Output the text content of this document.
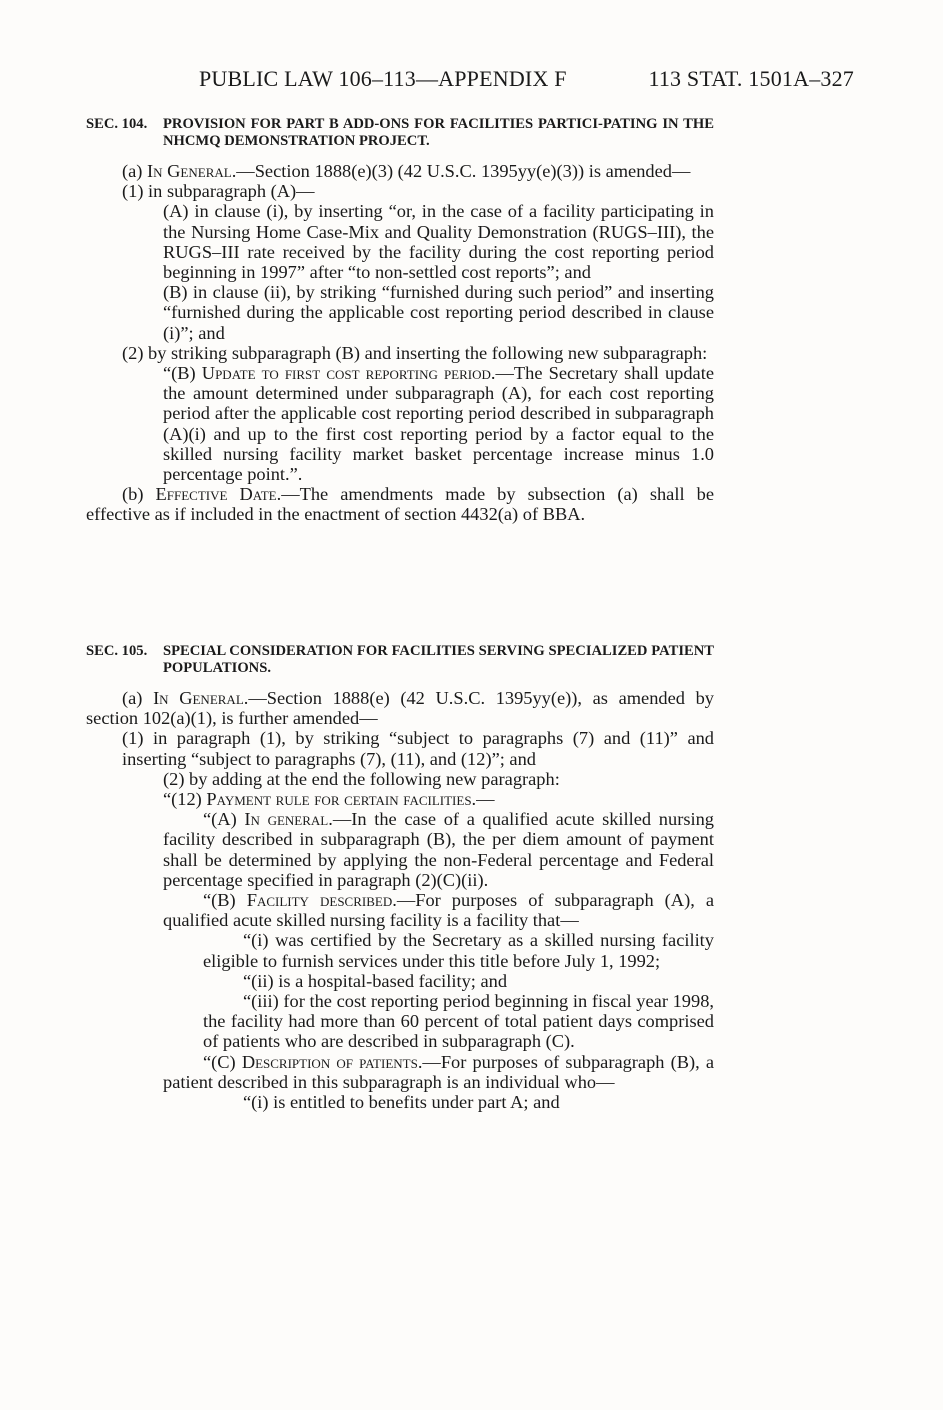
PUBLIC LAW 106–113—APPENDIX F	113 STAT. 1501A–327
SEC. 104. PROVISION FOR PART B ADD-ONS FOR FACILITIES PARTICI-PATING IN THE NHCMQ DEMONSTRATION PROJECT.

(a) In General.—Section 1888(e)(3) (42 U.S.C. 1395yy(e)(3)) is amended—

(1) in subparagraph (A)—

(A) in clause (i), by inserting “or, in the case of a facility participating in the Nursing Home Case-Mix and Quality Demonstration (RUGS–III), the RUGS–III rate received by the facility during the cost reporting period beginning in 1997” after “to non-settled cost reports”; and

(B) in clause (ii), by striking “furnished during such period” and inserting “furnished during the applicable cost reporting period described in clause (i)”; and

(2) by striking subparagraph (B) and inserting the following new subparagraph:

“(B) Update to first cost reporting period.—The Secretary shall update the amount determined under subparagraph (A), for each cost reporting period after the applicable cost reporting period described in subparagraph (A)(i) and up to the first cost reporting period by a factor equal to the skilled nursing facility market basket percentage increase minus 1.0 percentage point.”.

(b) Effective Date.—The amendments made by subsection (a) shall be effective as if included in the enactment of section 4432(a) of BBA.

SEC. 105. SPECIAL CONSIDERATION FOR FACILITIES SERVING SPECIALIZED PATIENT POPULATIONS.

(a) In General.—Section 1888(e) (42 U.S.C. 1395yy(e)), as amended by section 102(a)(1), is further amended—

(1) in paragraph (1), by striking “subject to paragraphs (7) and (11)” and inserting “subject to paragraphs (7), (11), and (12)”; and

(2) by adding at the end the following new paragraph:

“(12) Payment rule for certain facilities.—

“(A) In general.—In the case of a qualified acute skilled nursing facility described in subparagraph (B), the per diem amount of payment shall be determined by applying the non-Federal percentage and Federal percentage specified in paragraph (2)(C)(ii).

“(B) Facility described.—For purposes of subparagraph (A), a qualified acute skilled nursing facility is a facility that—

“(i) was certified by the Secretary as a skilled nursing facility eligible to furnish services under this title before July 1, 1992;

“(ii) is a hospital-based facility; and

“(iii) for the cost reporting period beginning in fiscal year 1998, the facility had more than 60 percent of total patient days comprised of patients who are described in subparagraph (C).

“(C) Description of patients.—For purposes of subparagraph (B), a patient described in this subparagraph is an individual who—

“(i) is entitled to benefits under part A; and
